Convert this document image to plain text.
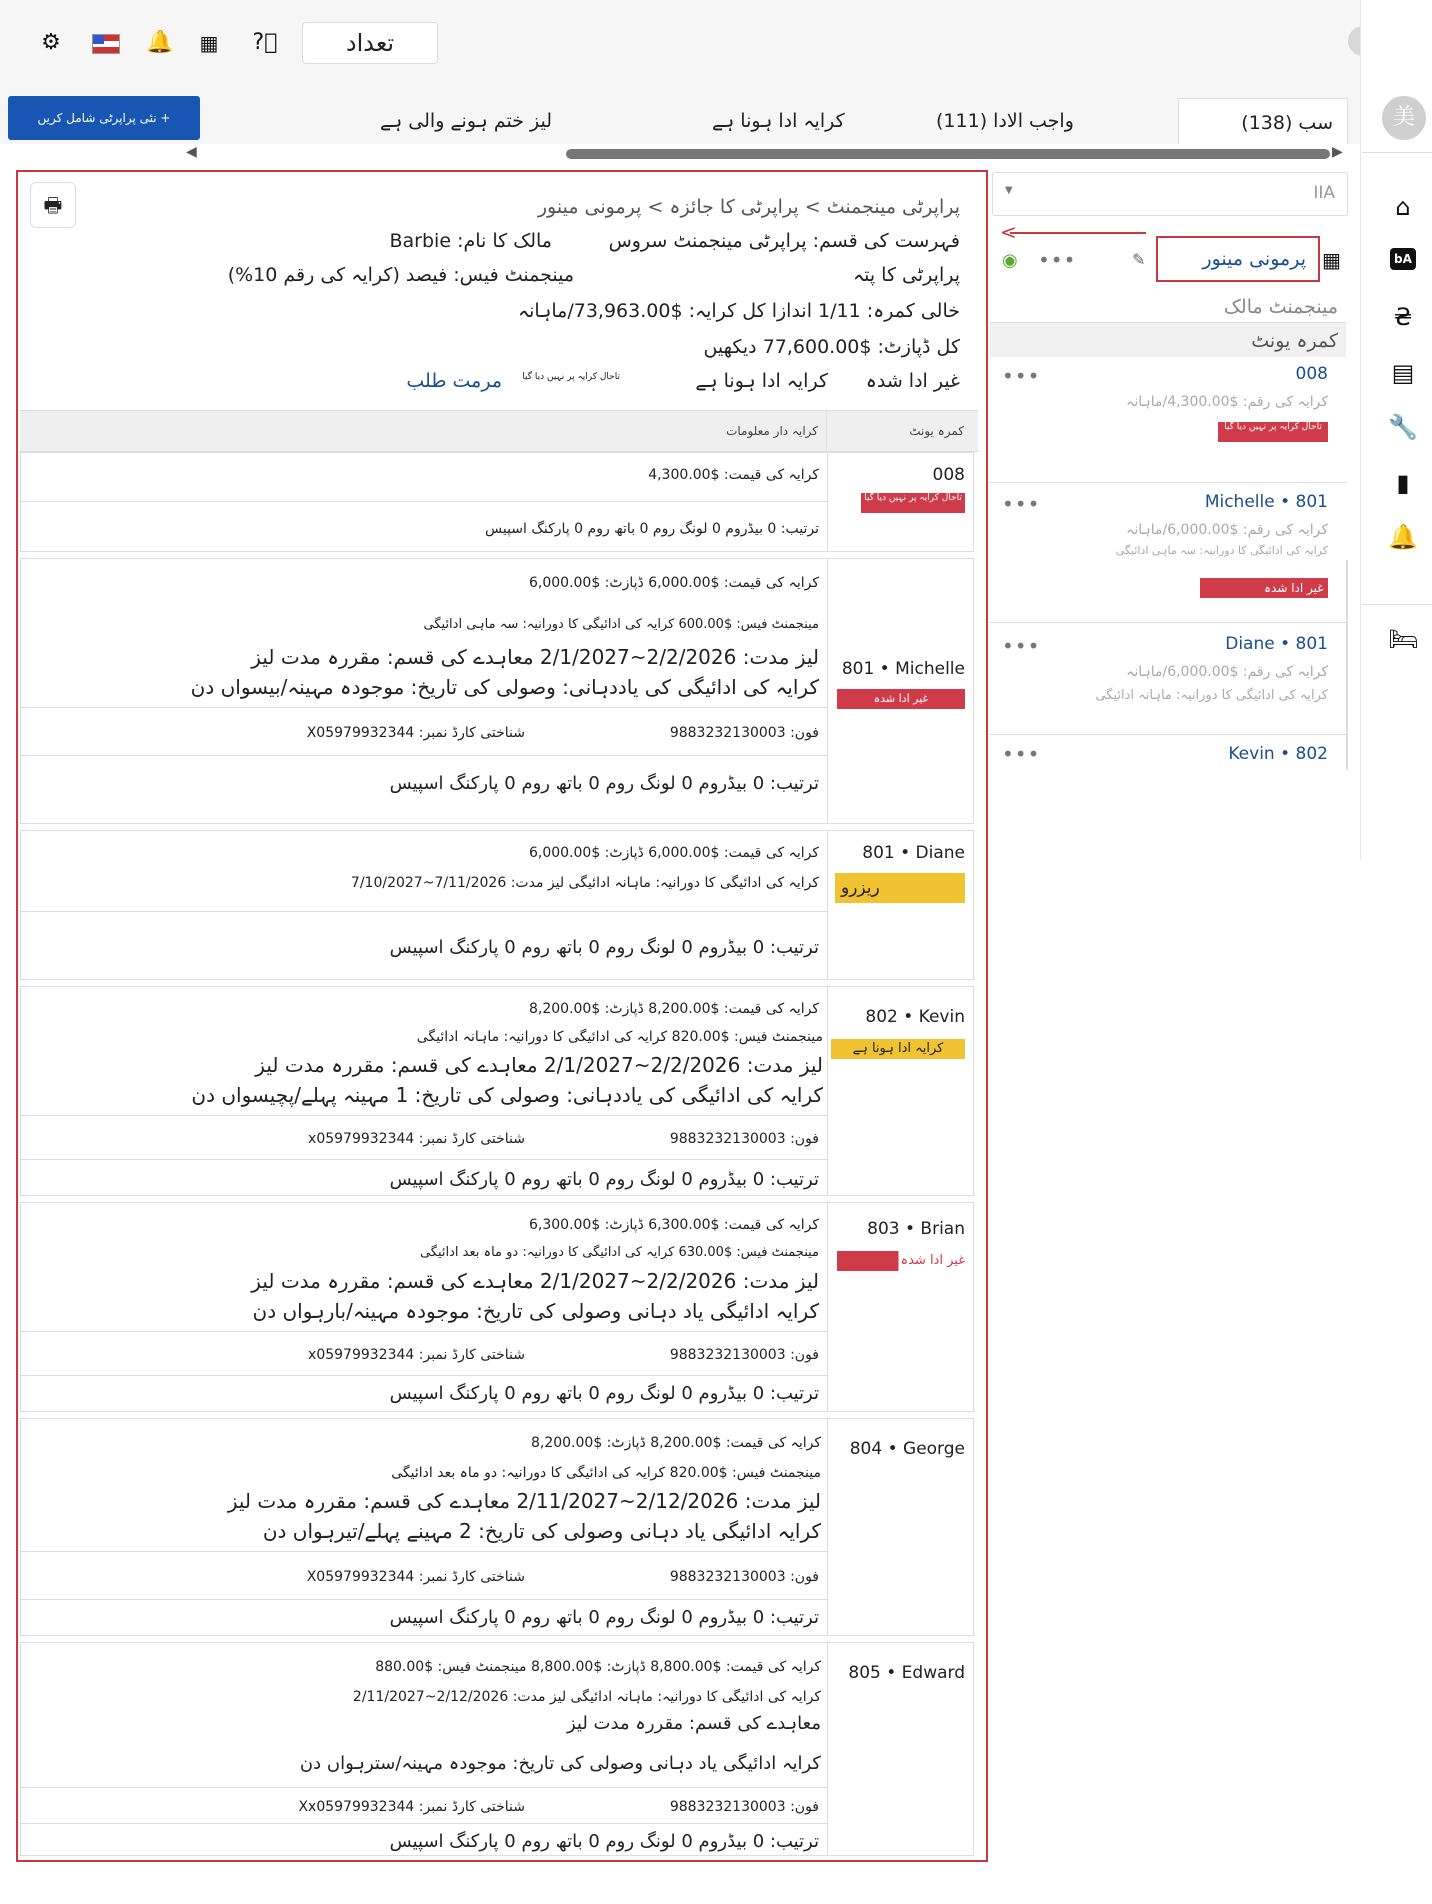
⚙	🔔 ▦ ?⃝	تعداد
美
⌂
bA
₴
▤
🔧
▮
🔔
🛏
+ نئی پراپرٹی شامل کریں	لیز ختم ہونے والی ہے	کرایہ ادا ہونا ہے	واجب الادا (111)	سب (138)
◀	▶
🖶	پراپرٹی مینجمنٹ > پراپرٹی کا جائزہ > پرمونی مینور
فہرست کی قسم: پراپرٹی مینجمنٹ سروس
مالک کا نام: Barbie
پراپرٹی کا پتہ
مینجمنٹ فیس: فیصد (کرایہ کی رقم 10%)
خالی کمرہ: 1/11 اندازا کل کرایہ: $73,963.00/ماہانہ
کل ڈپازٹ: $77,600.00 دیکھیں
غیر ادا شدہ
کرایہ ادا ہونا ہے
تاحال کرایہ پر نہیں دیا گیا
مرمت طلب
کمرہ یونٹ
کرایہ دار معلومات
008
تاحال کرایہ پر نہیں دیا گیا
کرایہ کی قیمت: $4,300.00
ترتیب: 0 بیڈروم 0 لونگ روم 0 باتھ روم 0 پارکنگ اسپیس
801 • Michelle
غیر ادا شدہ
کرایہ کی قیمت: $6,000.00 ڈپازٹ: $6,000.00
مینجمنٹ فیس: $600.00 کرایہ کی ادائیگی کا دورانیہ: سہ ماہی ادائیگی
لیز مدت: 2/2/2026~2/1/2027 معاہدے کی قسم: مقررہ مدت لیز
کرایہ کی ادائیگی کی یاددہانی: وصولی کی تاریخ: موجودہ مہینہ/بیسواں دن
فون: 9883232130003
شناختی کارڈ نمبر: X05979932344
ترتیب: 0 بیڈروم 0 لونگ روم 0 باتھ روم 0 پارکنگ اسپیس
801 • Diane
ریزرو
کرایہ کی قیمت: $6,000.00 ڈپازٹ: $6,000.00
کرایہ کی ادائیگی کا دورانیہ: ماہانہ ادائیگی لیز مدت: 7/11/2026~7/10/2027
ترتیب: 0 بیڈروم 0 لونگ روم 0 باتھ روم 0 پارکنگ اسپیس
802 • Kevin
کرایہ ادا ہونا ہے
کرایہ کی قیمت: $8,200.00 ڈپازٹ: $8,200.00
مینجمنٹ فیس: $820.00 کرایہ کی ادائیگی کا دورانیہ: ماہانہ ادائیگی
لیز مدت: 2/2/2026~2/1/2027 معاہدے کی قسم: مقررہ مدت لیز
کرایہ کی ادائیگی کی یاددہانی: وصولی کی تاریخ: 1 مہینہ پہلے/پچیسواں دن
فون: 9883232130003
شناختی کارڈ نمبر: x05979932344
ترتیب: 0 بیڈروم 0 لونگ روم 0 باتھ روم 0 پارکنگ اسپیس
803 • Brian
غیر ادا شدہ
کرایہ کی قیمت: $6,300.00 ڈپازٹ: $6,300.00
مینجمنٹ فیس: $630.00 کرایہ کی ادائیگی کا دورانیہ: دو ماہ بعد ادائیگی
لیز مدت: 2/2/2026~2/1/2027 معاہدے کی قسم: مقررہ مدت لیز
کرایہ ادائیگی یاد دہانی وصولی کی تاریخ: موجودہ مہینہ/بارہواں دن
فون: 9883232130003
شناختی کارڈ نمبر: x05979932344
ترتیب: 0 بیڈروم 0 لونگ روم 0 باتھ روم 0 پارکنگ اسپیس
804 • George
کرایہ کی قیمت: $8,200.00 ڈپازٹ: $8,200.00
مینجمنٹ فیس: $820.00 کرایہ کی ادائیگی کا دورانیہ: دو ماہ بعد ادائیگی
لیز مدت: 2/12/2026~2/11/2027 معاہدے کی قسم: مقررہ مدت لیز
کرایہ ادائیگی یاد دہانی وصولی کی تاریخ: 2 مہینے پہلے/تیرہواں دن
فون: 9883232130003
شناختی کارڈ نمبر: X05979932344
ترتیب: 0 بیڈروم 0 لونگ روم 0 باتھ روم 0 پارکنگ اسپیس
805 • Edward
کرایہ کی قیمت: $8,800.00 ڈپازٹ: $8,800.00 مینجمنٹ فیس: $880.00
کرایہ کی ادائیگی کا دورانیہ: ماہانہ ادائیگی لیز مدت: 2/12/2026~2/11/2027
معاہدے کی قسم: مقررہ مدت لیز
کرایہ ادائیگی یاد دہانی وصولی کی تاریخ: موجودہ مہینہ/سترہواں دن
فون: 9883232130003
شناختی کارڈ نمبر: Xx05979932344
ترتیب: 0 بیڈروم 0 لونگ روم 0 باتھ روم 0 پارکنگ اسپیس
IIA
▼
<
پرمونی مینور ▦
✎
◉ •••
مینجمنٹ مالک
کمرہ یونٹ
•••	008
کرایہ کی رقم: $4,300.00/ماہانہ
تاحال کرایہ پر نہیں دیا گیا
•••	801 • Michelle
کرایہ کی رقم: $6,000.00/ماہانہ
کرایہ کی ادائیگی کا دورانیہ: سہ ماہی ادائیگی
غیر ادا شدہ
•••	801 • Diane
کرایہ کی رقم: $6,000.00/ماہانہ
کرایہ کی ادائیگی کا دورانیہ: ماہانہ ادائیگی
•••	802 • Kevin
